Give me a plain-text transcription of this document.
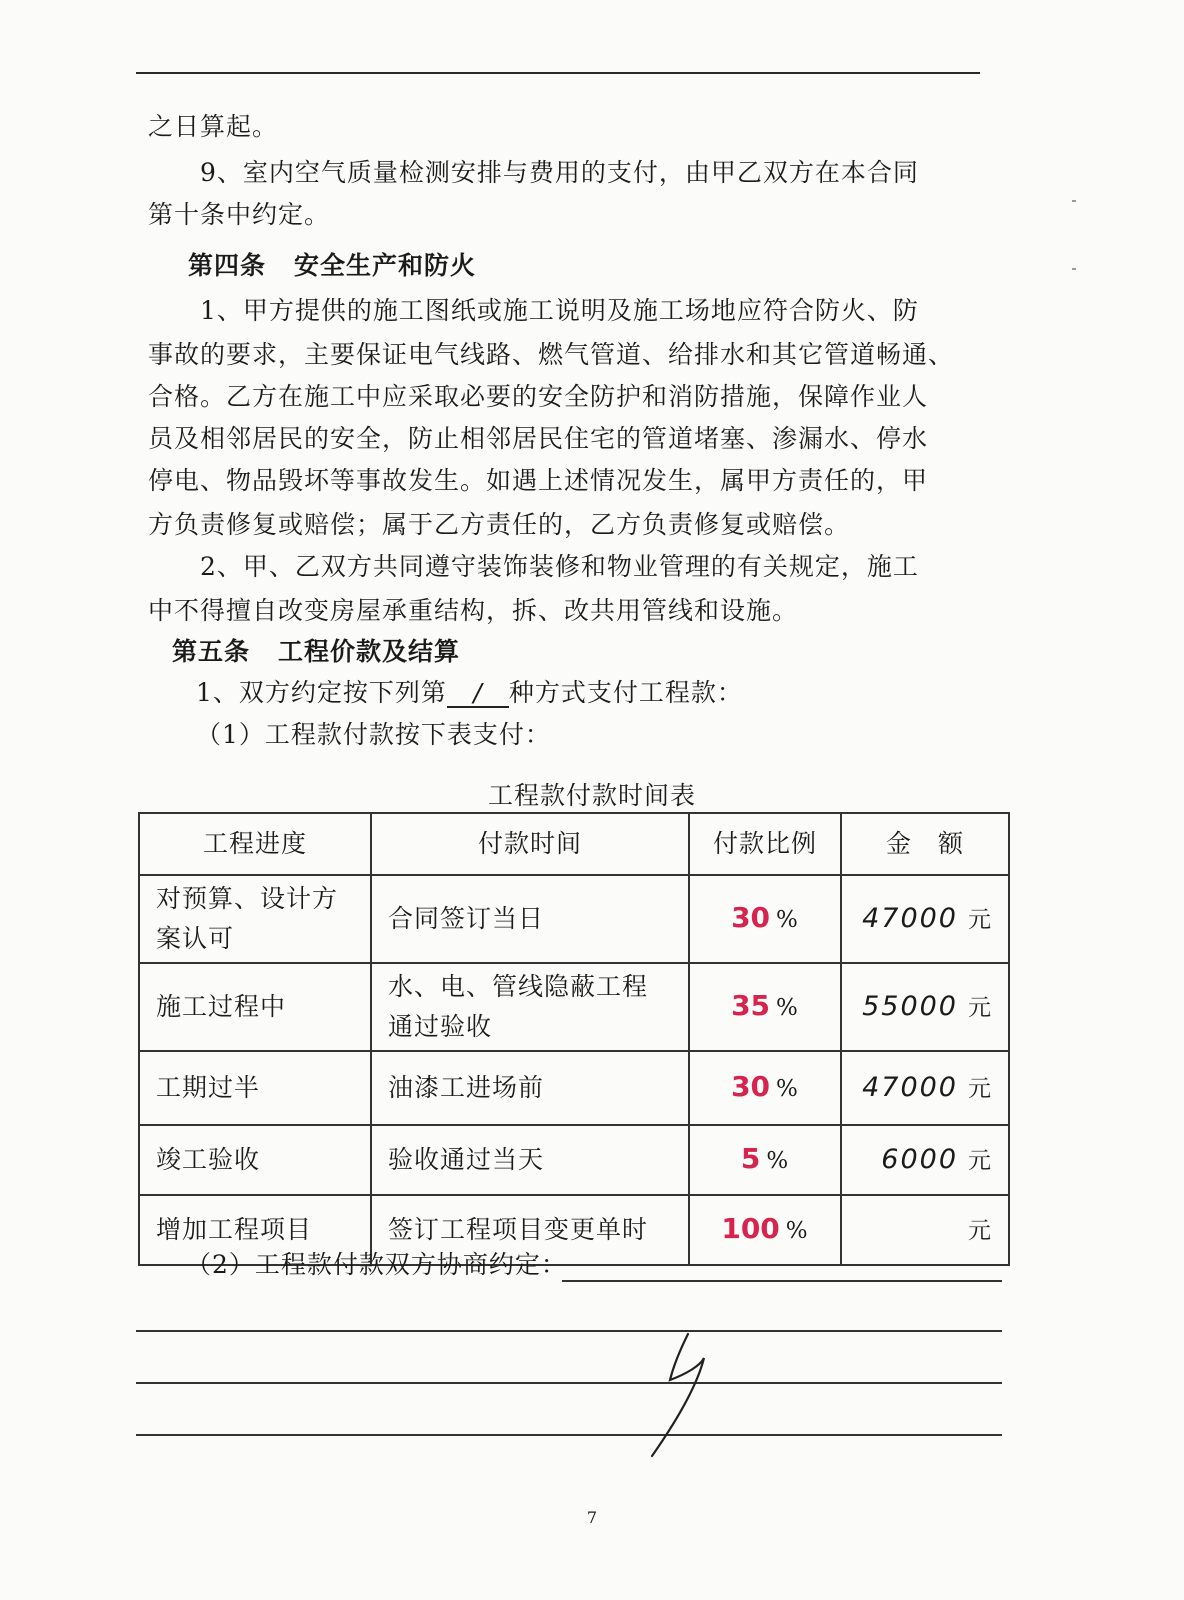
之日算起。
9、室内空气质量检测安排与费用的支付，由甲乙双方在本合同
第十条中约定。
第四条 安全生产和防火
1、甲方提供的施工图纸或施工说明及施工场地应符合防火、防
事故的要求，主要保证电气线路、燃气管道、给排水和其它管道畅通、
合格。乙方在施工中应采取必要的安全防护和消防措施，保障作业人
员及相邻居民的安全，防止相邻居民住宅的管道堵塞、渗漏水、停水
停电、物品毁坏等事故发生。如遇上述情况发生，属甲方责任的，甲
方负责修复或赔偿；属于乙方责任的，乙方负责修复或赔偿。
2、甲、乙双方共同遵守装饰装修和物业管理的有关规定，施工
中不得擅自改变房屋承重结构，拆、改共用管线和设施。
第五条 工程价款及结算
1、双方约定按下列第 / 种方式支付工程款：
（1）工程款付款按下表支付：
工程款付款时间表
工程进度	付款时间	付款比例	金　额
对预算、设计方案认可	合同签订当日	30 %	47000 元
施工过程中	水、电、管线隐蔽工程通过验收	35 %	55000 元
工期过半	油漆工进场前	30 %	47000 元
竣工验收	验收通过当天	5 %	6000 元
增加工程项目	签订工程项目变更单时	100 %	元
（2）工程款付款双方协商约定：
7
